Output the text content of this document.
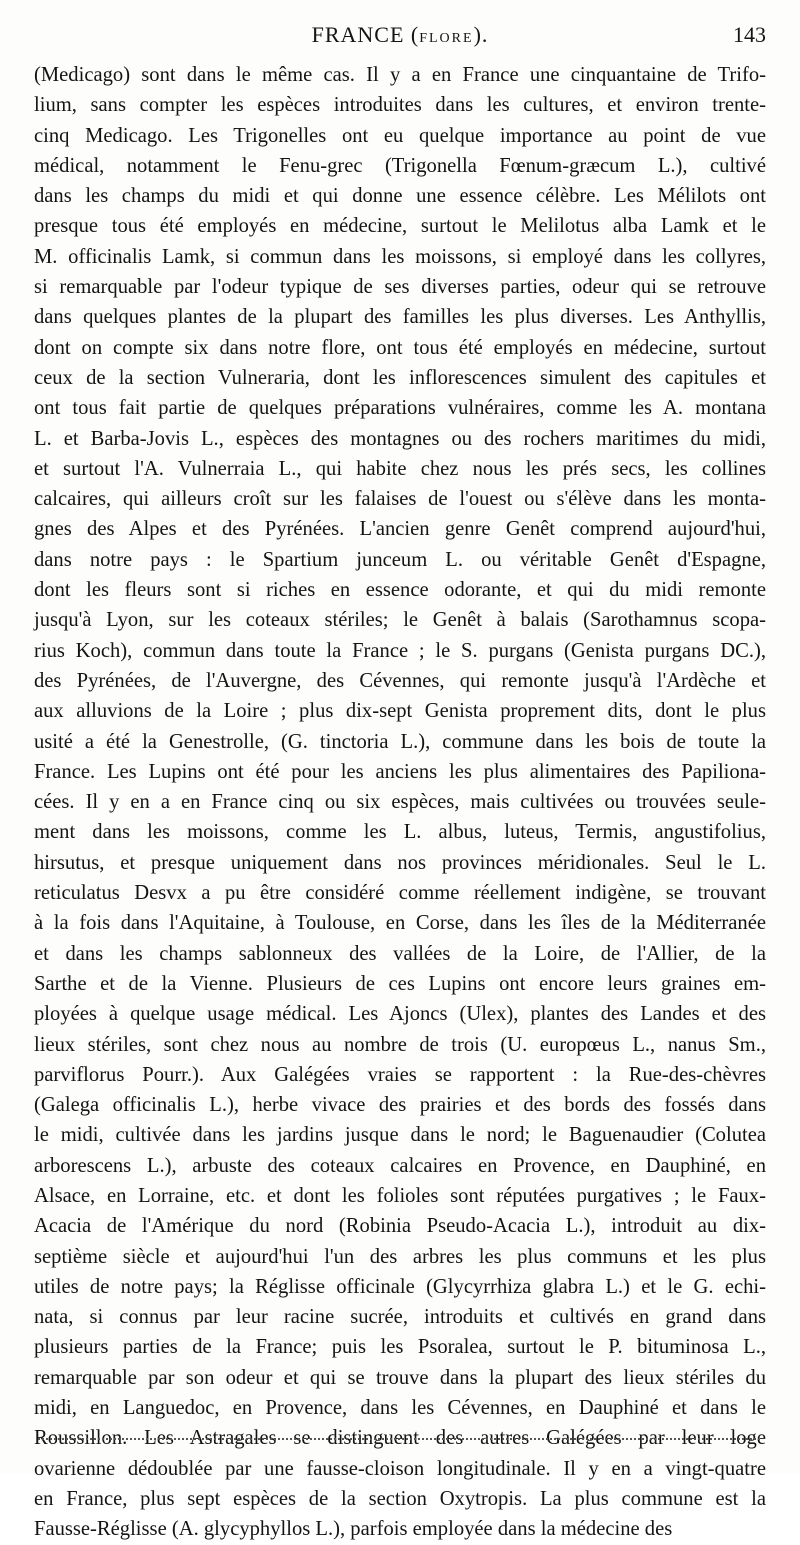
FRANCE (FLORE).	143
(Medicago) sont dans le même cas. Il y a en France une cinquantaine de Trifo-
lium, sans compter les espèces introduites dans les cultures, et environ trente-
cinq Medicago. Les Trigonelles ont eu quelque importance au point de vue
médical, notamment le Fenu-grec (Trigonella Fœnum-græcum L.), cultivé
dans les champs du midi et qui donne une essence célèbre. Les Mélilots ont
presque tous été employés en médecine, surtout le Melilotus alba Lamk et le
M. officinalis Lamk, si commun dans les moissons, si employé dans les collyres,
si remarquable par l'odeur typique de ses diverses parties, odeur qui se retrouve
dans quelques plantes de la plupart des familles les plus diverses. Les Anthyllis,
dont on compte six dans notre flore, ont tous été employés en médecine, surtout
ceux de la section Vulneraria, dont les inflorescences simulent des capitules et
ont tous fait partie de quelques préparations vulnéraires, comme les A. montana
L. et Barba-Jovis L., espèces des montagnes ou des rochers maritimes du midi,
et surtout l'A. Vulnerraia L., qui habite chez nous les prés secs, les collines
calcaires, qui ailleurs croît sur les falaises de l'ouest ou s'élève dans les monta-
gnes des Alpes et des Pyrénées. L'ancien genre Genêt comprend aujourd'hui,
dans notre pays : le Spartium junceum L. ou véritable Genêt d'Espagne,
dont les fleurs sont si riches en essence odorante, et qui du midi remonte
jusqu'à Lyon, sur les coteaux stériles; le Genêt à balais (Sarothamnus scopa-
rius Koch), commun dans toute la France ; le S. purgans (Genista purgans DC.),
des Pyrénées, de l'Auvergne, des Cévennes, qui remonte jusqu'à l'Ardèche et
aux alluvions de la Loire ; plus dix-sept Genista proprement dits, dont le plus
usité a été la Genestrolle, (G. tinctoria L.), commune dans les bois de toute la
France. Les Lupins ont été pour les anciens les plus alimentaires des Papiliona-
cées. Il y en a en France cinq ou six espèces, mais cultivées ou trouvées seule-
ment dans les moissons, comme les L. albus, luteus, Termis, angustifolius,
hirsutus, et presque uniquement dans nos provinces méridionales. Seul le L.
reticulatus Desvx a pu être considéré comme réellement indigène, se trouvant
à la fois dans l'Aquitaine, à Toulouse, en Corse, dans les îles de la Méditerranée
et dans les champs sablonneux des vallées de la Loire, de l'Allier, de la
Sarthe et de la Vienne. Plusieurs de ces Lupins ont encore leurs graines em-
ployées à quelque usage médical. Les Ajoncs (Ulex), plantes des Landes et des
lieux stériles, sont chez nous au nombre de trois (U. europœus L., nanus Sm.,
parviflorus Pourr.). Aux Galégées vraies se rapportent : la Rue-des-chèvres
(Galega officinalis L.), herbe vivace des prairies et des bords des fossés dans
le midi, cultivée dans les jardins jusque dans le nord; le Baguenaudier (Colutea
arborescens L.), arbuste des coteaux calcaires en Provence, en Dauphiné, en
Alsace, en Lorraine, etc. et dont les folioles sont réputées purgatives ; le Faux-
Acacia de l'Amérique du nord (Robinia Pseudo-Acacia L.), introduit au dix-
septième siècle et aujourd'hui l'un des arbres les plus communs et les plus
utiles de notre pays; la Réglisse officinale (Glycyrrhiza glabra L.) et le G. echi-
nata, si connus par leur racine sucrée, introduits et cultivés en grand dans
plusieurs parties de la France; puis les Psoralea, surtout le P. bituminosa L.,
remarquable par son odeur et qui se trouve dans la plupart des lieux stériles du
midi, en Languedoc, en Provence, dans les Cévennes, en Dauphiné et dans le
Roussillon. Les Astragales se distinguent des autres Galégées par leur loge
ovarienne dédoublée par une fausse-cloison longitudinale. Il y en a vingt-quatre
en France, plus sept espèces de la section Oxytropis. La plus commune est la
Fausse-Réglisse (A. glycyphyllos L.), parfois employée dans la médecine des
